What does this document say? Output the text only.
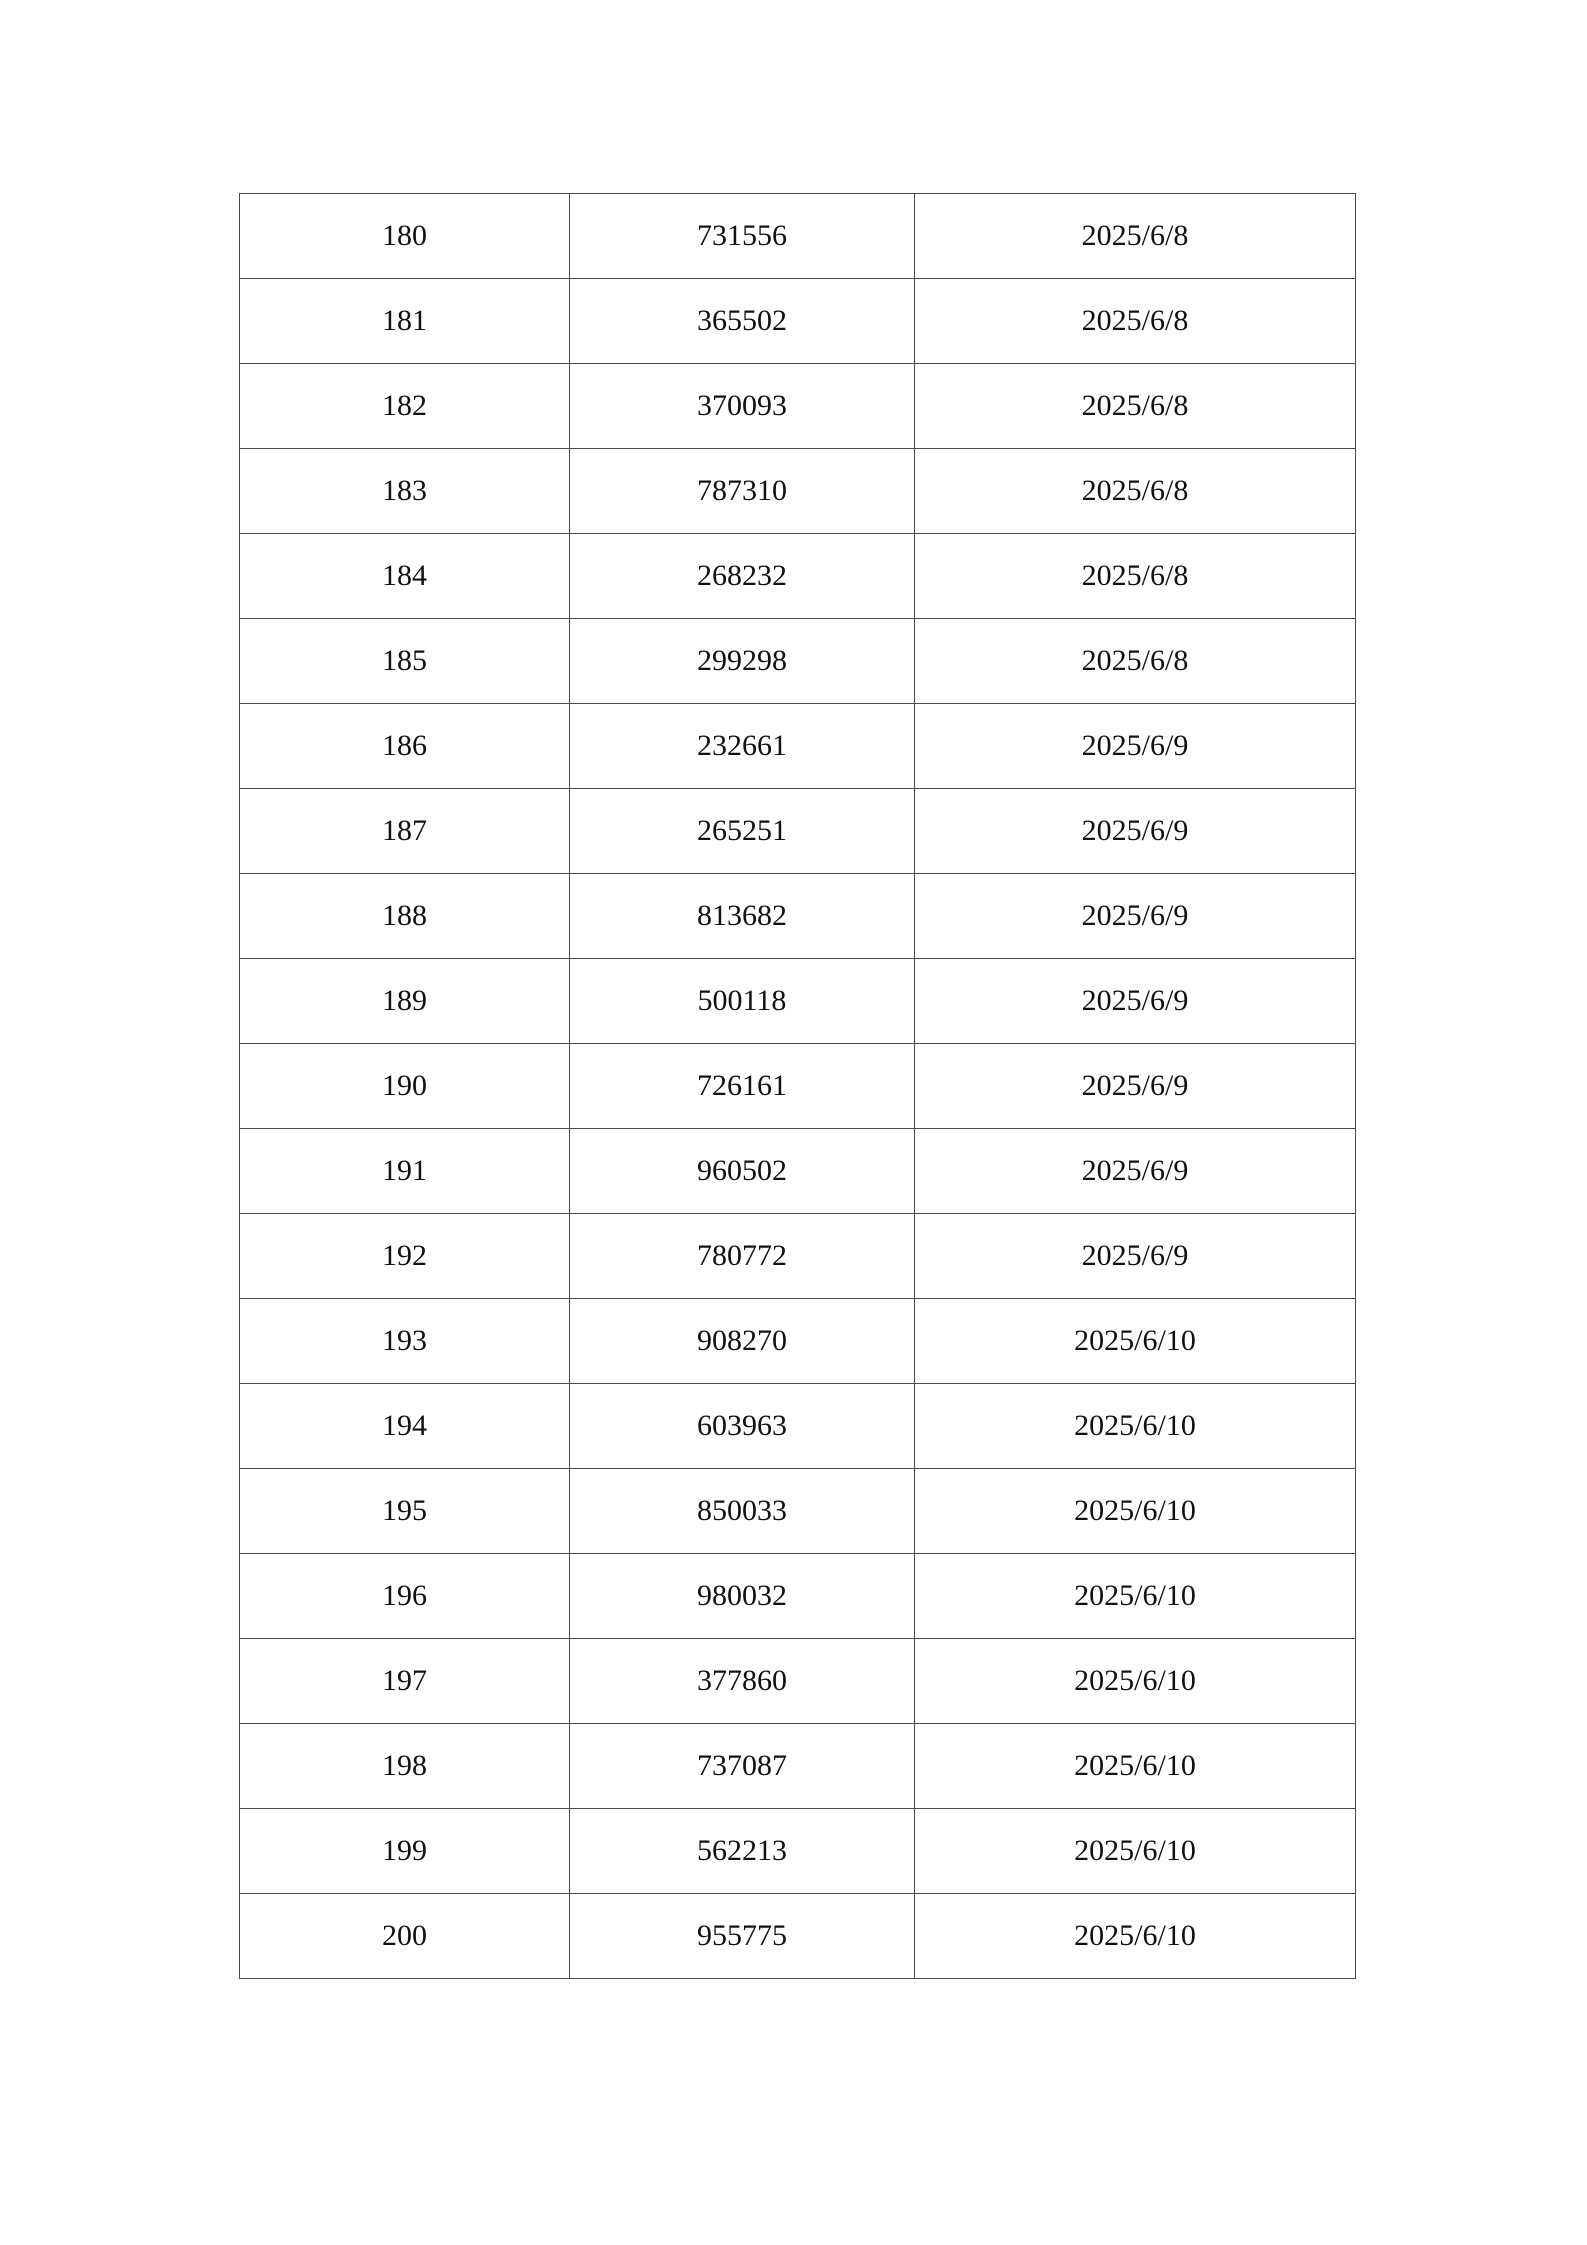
180	731556	2025/6/8
181	365502	2025/6/8
182	370093	2025/6/8
183	787310	2025/6/8
184	268232	2025/6/8
185	299298	2025/6/8
186	232661	2025/6/9
187	265251	2025/6/9
188	813682	2025/6/9
189	500118	2025/6/9
190	726161	2025/6/9
191	960502	2025/6/9
192	780772	2025/6/9
193	908270	2025/6/10
194	603963	2025/6/10
195	850033	2025/6/10
196	980032	2025/6/10
197	377860	2025/6/10
198	737087	2025/6/10
199	562213	2025/6/10
200	955775	2025/6/10
